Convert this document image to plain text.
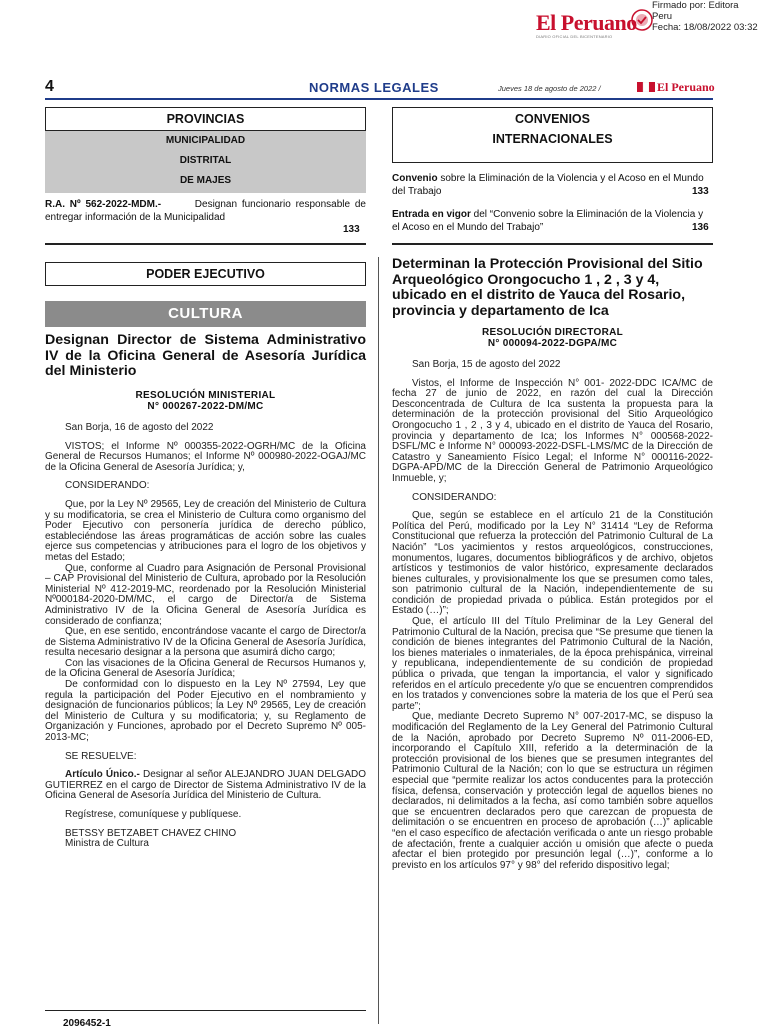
El Peruano
DIARIO OFICIAL DEL BICENTENARIO
Firmado por: Editora
Peru
Fecha: 18/08/2022 03:32
4	NORMAS LEGALES	Jueves 18 de agosto de 2022 /	El Peruano
PROVINCIAS
MUNICIPALIDAD
DISTRITAL
DE MAJES
R.A. Nº 562-2022-MDM.-	Designan funcionario responsable de entregar información de la Municipalidad
133
CONVENIOS
INTERNACIONALES
Convenio sobre la Eliminación de la Violencia y el Acoso en el Mundo del Trabajo	133
Entrada en vigor del “Convenio sobre la Eliminación de la Violencia y el Acoso en el Mundo del Trabajo”	136
PODER EJECUTIVO
CULTURA
Designan Director de Sistema Administrativo IV de la Oficina General de Asesoría Jurídica del Ministerio
RESOLUCIÓN MINISTERIAL
N° 000267-2022-DM/MC

San Borja, 16 de agosto del 2022

VISTOS; el Informe Nº 000355-2022-OGRH/MC de la Oficina General de Recursos Humanos; el Informe Nº 000980-2022-OGAJ/MC de la Oficina General de Asesoría Jurídica; y,

CONSIDERANDO:

Que, por la Ley Nº 29565, Ley de creación del Ministerio de Cultura y su modificatoria, se crea el Ministerio de Cultura como organismo del Poder Ejecutivo con personería jurídica de derecho público, estableciéndose las áreas programáticas de acción sobre las cuales ejerce sus competencias y atribuciones para el logro de los objetivos y metas del Estado;

Que, conforme al Cuadro para Asignación de Personal Provisional – CAP Provisional del Ministerio de Cultura, aprobado por la Resolución Ministerial Nº 412-2019-MC, reordenado por la Resolución Ministerial Nº000184-2020-DM/MC, el cargo de Director/a de Sistema Administrativo IV de la Oficina General de Asesoría Jurídica es considerado de confianza;

Que, en ese sentido, encontrándose vacante el cargo de Director/a de Sistema Administrativo IV de la Oficina General de Asesoría Jurídica, resulta necesario designar a la persona que asumirá dicho cargo;

Con las visaciones de la Oficina General de Recursos Humanos y, de la Oficina General de Asesoría Jurídica;

De conformidad con lo dispuesto en la Ley Nº 27594, Ley que regula la participación del Poder Ejecutivo en el nombramiento y designación de funcionarios públicos; la Ley Nº 29565, Ley de creación del Ministerio de Cultura y su modificatoria; y, su Reglamento de Organización y Funciones, aprobado por el Decreto Supremo Nº 005-2013-MC;

SE RESUELVE:

Artículo Único.- Designar al señor ALEJANDRO JUAN DELGADO GUTIERREZ en el cargo de Director de Sistema Administrativo IV de la Oficina General de Asesoría Jurídica del Ministerio de Cultura.

Regístrese, comuníquese y publíquese.

BETSSY BETZABET CHAVEZ CHINO

Ministra de Cultura

2096452-1
Determinan la Protección Provisional del Sitio Arqueológico Orongocucho 1 , 2 , 3 y 4, ubicado en el distrito de Yauca del Rosario, provincia y departamento de Ica
RESOLUCIÓN DIRECTORAL
N° 000094-2022-DGPA/MC

San Borja, 15 de agosto del 2022

Vistos, el Informe de Inspección N° 001- 2022-DDC ICA/MC de fecha 27 de junio de 2022, en razón del cual la Dirección Desconcentrada de Cultura de Ica sustenta la propuesta para la determinación de la protección provisional del Sitio Arqueológico Orongocucho 1 , 2 , 3 y 4, ubicado en el distrito de Yauca del Rosario, provincia y departamento de Ica; los Informes N° 000568-2022-DSFL/MC e Informe N° 000093-2022-DSFL-LMS/MC de la Dirección de Catastro y Saneamiento Físico Legal; el Informe N° 000116-2022-DGPA-APD/MC de la Dirección General de Patrimonio Arqueológico Inmueble, y;

CONSIDERANDO:

Que, según se establece en el artículo 21 de la Constitución Política del Perú, modificado por la Ley N° 31414 “Ley de Reforma Constitucional que refuerza la protección del Patrimonio Cultural de La Nación” “Los yacimientos y restos arqueológicos, construcciones, monumentos, lugares, documentos bibliográficos y de archivo, objetos artísticos y testimonios de valor histórico, expresamente declarados bienes culturales, y provisionalmente los que se presumen como tales, son patrimonio cultural de la Nación, independientemente de su condición de propiedad privada o pública. Están protegidos por el Estado (…)”;

Que, el artículo III del Título Preliminar de la Ley General del Patrimonio Cultural de la Nación, precisa que “Se presume que tienen la condición de bienes integrantes del Patrimonio Cultural de la Nación, los bienes materiales o inmateriales, de la época prehispánica, virreinal y republicana, independientemente de su condición de propiedad pública o privada, que tengan la importancia, el valor y significado referidos en el artículo precedente y/o que se encuentren comprendidos en los tratados y convenciones sobre la materia de los que el Perú sea parte”;

Que, mediante Decreto Supremo N° 007-2017-MC, se dispuso la modificación del Reglamento de la Ley General del Patrimonio Cultural de la Nación, aprobado por Decreto Supremo Nº 011-2006-ED, incorporando el Capítulo XIII, referido a la determinación de la protección provisional de los bienes que se presumen integrantes del Patrimonio Cultural de la Nación; con lo que se estructura un régimen especial que “permite realizar los actos conducentes para la protección física, defensa, conservación y protección legal de aquellos bienes no declarados, ni delimitados a la fecha, así como también sobre aquellos que se encuentren declarados pero que carezcan de propuesta de delimitación o se encuentren en proceso de aprobación (…)” aplicable “en el caso específico de afectación verificada o ante un riesgo probable de afectación, frente a cualquier acción u omisión que afecte o pueda afectar el bien protegido por presunción legal (…)”, conforme a lo previsto en los artículos 97° y 98° del referido dispositivo legal;
